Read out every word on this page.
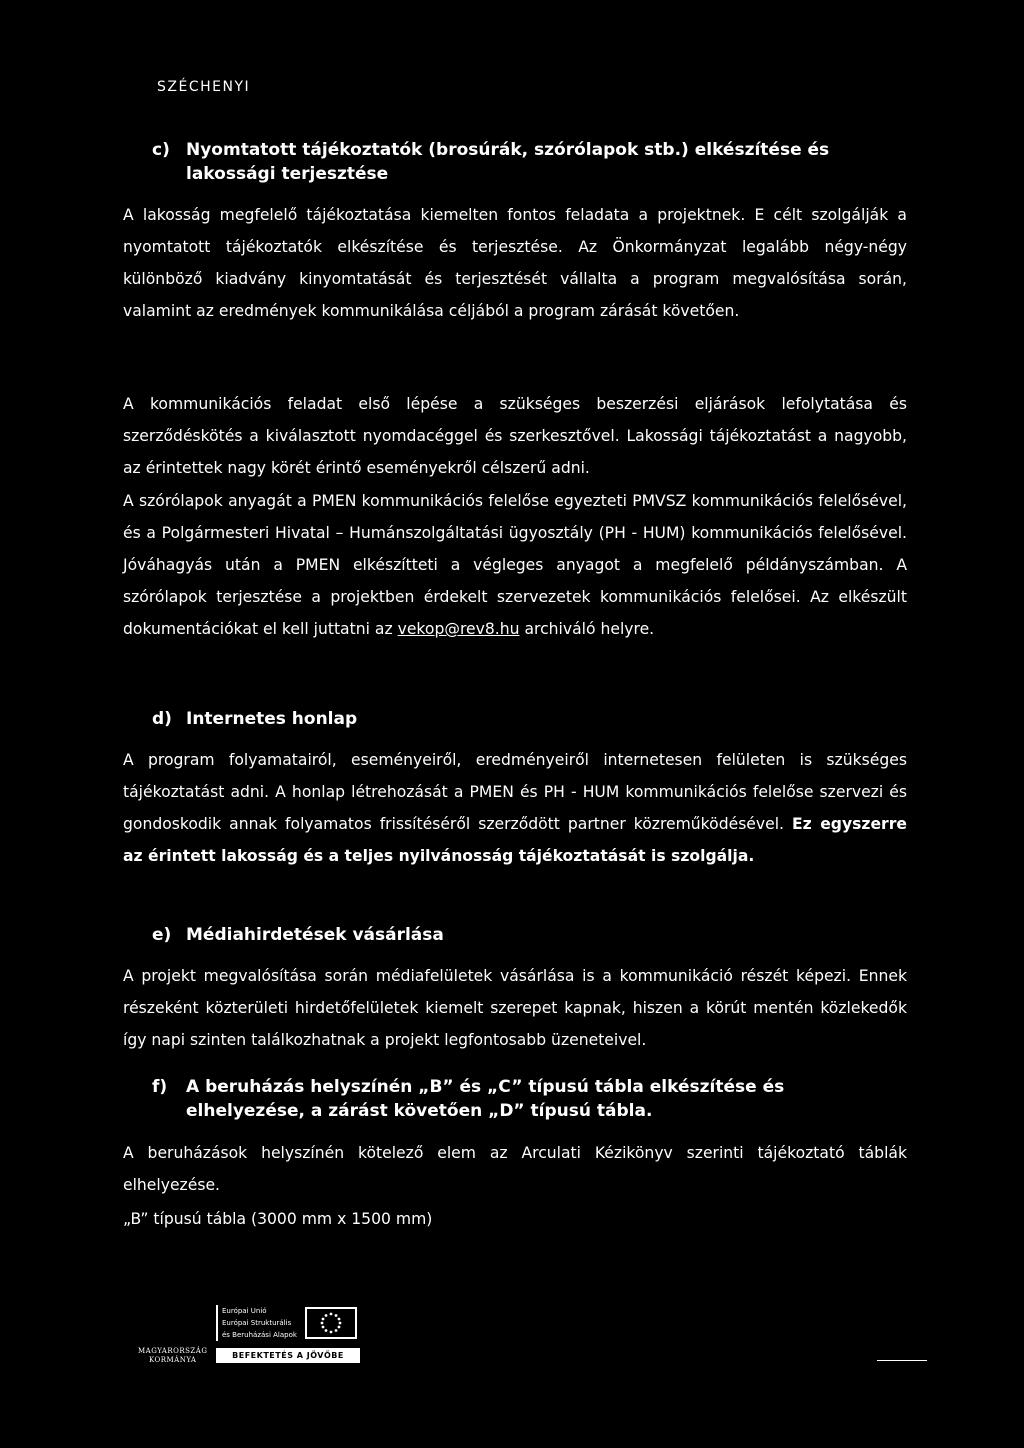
SZÉCHENYI
c) Nyomtatott tájékoztatók (brosúrák, szórólapok stb.) elkészítése és
lakossági terjesztése

A lakosság megfelelő tájékoztatása kiemelten fontos feladata a projektnek. E célt szolgálják a nyomtatott tájékoztatók elkészítése és terjesztése. Az Önkormányzat legalább négy-négy különböző kiadvány kinyomtatását és terjesztését vállalta a program megvalósítása során, valamint az eredmények kommunikálása céljából a program zárását követően.

A kommunikációs feladat első lépése a szükséges beszerzési eljárások lefolytatása és szerződéskötés a kiválasztott nyomdacéggel és szerkesztővel. Lakossági tájékoztatást a nagyobb, az érintettek nagy körét érintő eseményekről célszerű adni.

A szórólapok anyagát a PMEN kommunikációs felelőse egyezteti PMVSZ kommunikációs felelősével, és a Polgármesteri Hivatal – Humánszolgáltatási ügyosztály (PH - HUM) kommunikációs felelősével. Jóváhagyás után a PMEN elkészítteti a végleges anyagot a megfelelő példányszámban. A szórólapok terjesztése a projektben érdekelt szervezetek kommunikációs felelősei. Az elkészült dokumentációkat el kell juttatni az vekop@rev8.hu archiváló helyre.

d) Internetes honlap

A program folyamatairól, eseményeiről, eredményeiről internetesen felületen is szükséges tájékoztatást adni. A honlap létrehozását a PMEN és PH - HUM kommunikációs felelőse szervezi és gondoskodik annak folyamatos frissítéséről szerződött partner közreműködésével. Ez egyszerre az érintett lakosság és a teljes nyilvánosság tájékoztatását is szolgálja.

e) Médiahirdetések vásárlása

A projekt megvalósítása során médiafelületek vásárlása is a kommunikáció részét képezi. Ennek részeként közterületi hirdetőfelületek kiemelt szerepet kapnak, hiszen a körút mentén közlekedők így napi szinten találkozhatnak a projekt legfontosabb üzeneteivel.

f) A beruházás helyszínén „B” és „C” típusú tábla elkészítése és
elhelyezése, a zárást követően „D” típusú tábla.

A beruházások helyszínén kötelező elem az Arculati Kézikönyv szerinti tájékoztató táblák elhelyezése.

„B” típusú tábla (3000 mm x 1500 mm)
MAGYARORSZÁG
KORMÁNYA
Európai Unió
Európai Strukturális
és Beruházási Alapok
BEFEKTETÉS A JÖVŐBE
